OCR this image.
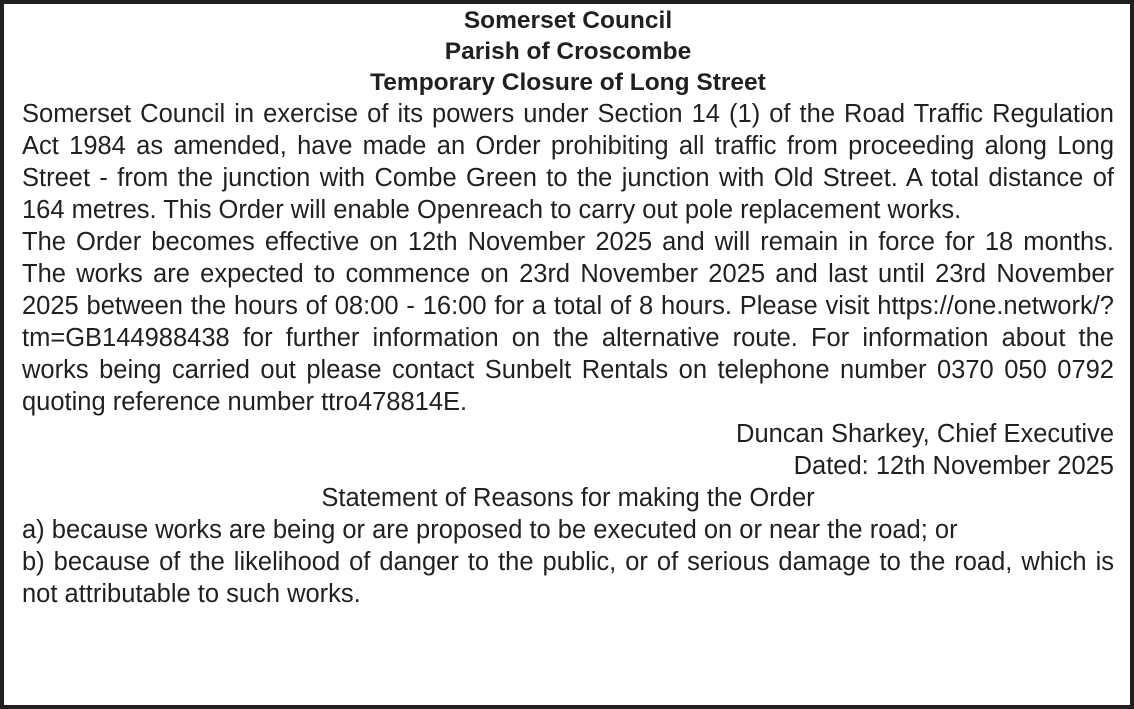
Somerset Council

Parish of Croscombe

Temporary Closure of Long Street

Somerset Council in exercise of its powers under Section 14 (1) of the Road Traffic Regulation Act 1984 as amended, have made an Order prohibiting all traffic from proceeding along Long Street - from the junction with Combe Green to the junction with Old Street. A total distance of 164 metres. This Order will enable Openreach to carry out pole replacement works.

The Order becomes effective on 12th November 2025 and will remain in force for 18 months. The works are expected to commence on 23rd November 2025 and last until 23rd November 2025 between the hours of 08:00 - 16:00 for a total of 8 hours. Please visit https://one.network/?tm=GB144988438 for further information on the alternative route. For information about the works being carried out please contact Sunbelt Rentals on telephone number 0370 050 0792 quoting reference number ttro478814E.

Duncan Sharkey, Chief Executive

Dated: 12th November 2025

Statement of Reasons for making the Order

a) because works are being or are proposed to be executed on or near the road; or

b) because of the likelihood of danger to the public, or of serious damage to the road, which is not attributable to such works.
